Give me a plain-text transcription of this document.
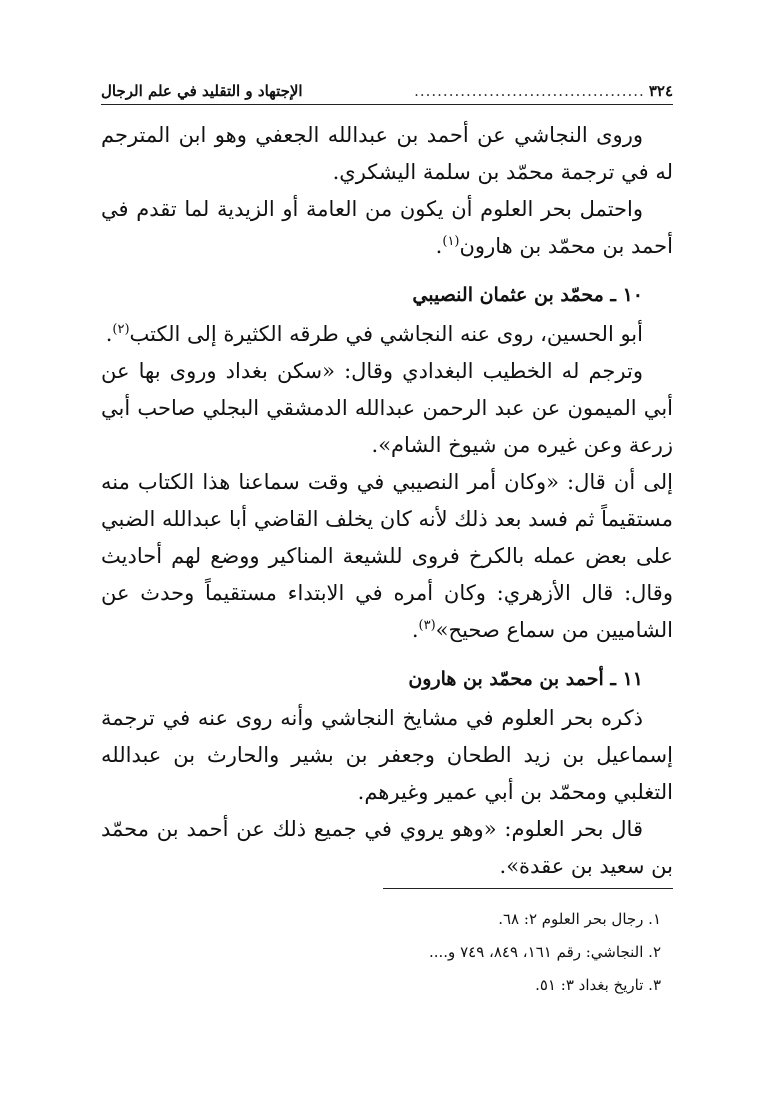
٣٢٤
........................................
الإجتهاد و التقليد في علم الرجال

وروى النجاشي عن أحمد بن عبدالله الجعفي وهو ابن المترجم له في ترجمة محمّد بن سلمة اليشكري.

واحتمل بحر العلوم أن يكون من العامة أو الزيدية لما تقدم في أحمد بن محمّد بن هارون$^{(١)}$.

١٠ ـ محمّد بن عثمان النصيبي

أبو الحسين، روى عنه النجاشي في طرقه الكثيرة إلى الكتب$^{(٢)}$.

وترجم له الخطيب البغدادي وقال: «سكن بغداد وروى بها عن أبي الميمون عن عبد الرحمن عبدالله الدمشقي البجلي صاحب أبي زرعة وعن غيره من شيوخ الشام».

إلى أن قال: «وكان أمر النصيبي في وقت سماعنا هذا الكتاب منه مستقيماً ثم فسد بعد ذلك لأنه كان يخلف القاضي أبا عبدالله الضبي على بعض عمله بالكرخ فروى للشيعة المناكير ووضع لهم أحاديث وقال: قال الأزهري: وكان أمره في الابتداء مستقيماً وحدث عن الشاميين من سماع صحيح»$^{(٣)}$.

١١ ـ أحمد بن محمّد بن هارون

ذكره بحر العلوم في مشايخ النجاشي وأنه روى عنه في ترجمة إسماعيل بن زيد الطحان وجعفر بن بشير والحارث بن عبدالله التغلبي ومحمّد بن أبي عمير وغيرهم.

قال بحر العلوم: «وهو يروي في جميع ذلك عن أحمد بن محمّد بن سعيد بن عقدة».

١. رجال بحر العلوم ٢: ٦٨.

٢. النجاشي: رقم ١٦١، ٨٤٩، ٧٤٩ و....

٣. تاريخ بغداد ٣: ٥١.
